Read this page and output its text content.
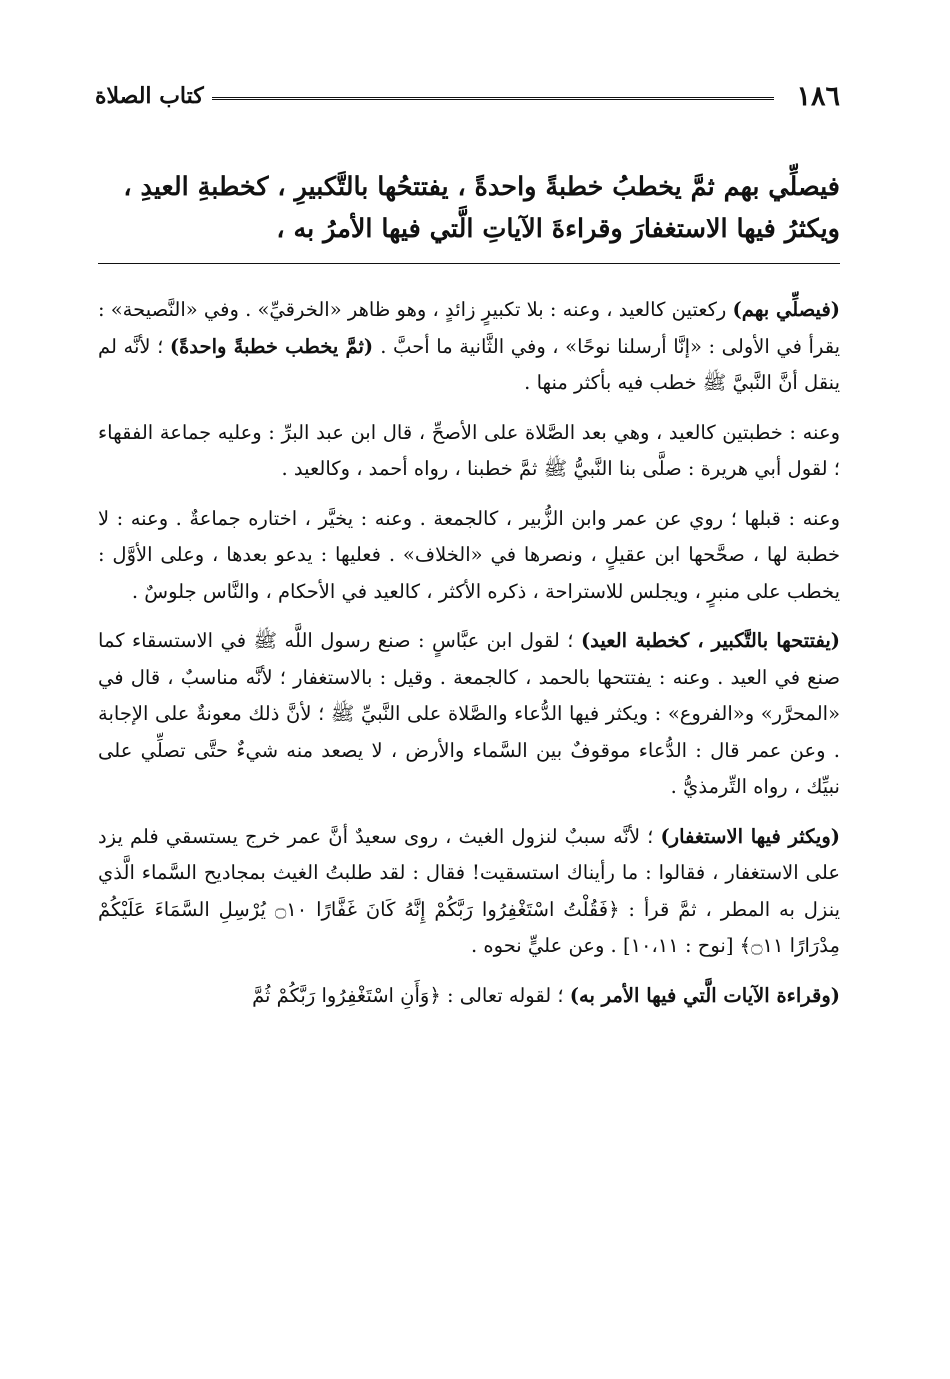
١٨٦
كتاب الصلاة

فيصلِّي بهم ثمَّ يخطبُ خطبةً واحدةً ، يفتتحُها بالتَّكبيرِ ، كخطبةِ العيدِ ،

ويكثرُ فيها الاستغفارَ وقراءةَ الآياتِ الَّتي فيها الأمرُ به ،

(فيصلِّي بهم) ركعتين كالعيد ، وعنه : بلا تكبيرٍ زائدٍ ، وهو ظاهر «الخرقيِّ» . وفي «النَّصيحة» : يقرأ في الأولى : «إنَّا أرسلنا نوحًا» ، وفي الثَّانية ما أحبَّ . (ثمَّ يخطب خطبةً واحدةً) ؛ لأنَّه لم ينقل أنَّ النَّبيَّ ﷺ خطب فيه بأكثر منها .

وعنه : خطبتين كالعيد ، وهي بعد الصَّلاة على الأصحِّ ، قال ابن عبد البرِّ : وعليه جماعة الفقهاء ؛ لقول أبي هريرة : صلَّى بنا النَّبيُّ ﷺ ثمَّ خطبنا ، رواه أحمد ، وكالعيد .

وعنه : قبلها ؛ روي عن عمر وابن الزُّبير ، كالجمعة . وعنه : يخيَّر ، اختاره جماعةٌ . وعنه : لا خطبة لها ، صحَّحها ابن عقيلٍ ، ونصرها في «الخلاف» . فعليها : يدعو بعدها ، وعلى الأوَّل : يخطب على منبرٍ ، ويجلس للاستراحة ، ذكره الأكثر ، كالعيد في الأحكام ، والنَّاس جلوسٌ .

(يفتتحها بالتَّكبير ، كخطبة العيد) ؛ لقول ابن عبَّاسٍ : صنع رسول اللَّه ﷺ في الاستسقاء كما صنع في العيد . وعنه : يفتتحها بالحمد ، كالجمعة . وقيل : بالاستغفار ؛ لأنَّه مناسبٌ ، قال في «المحرَّر» و«الفروع» : ويكثر فيها الدُّعاء والصَّلاة على النَّبيِّ ﷺ ؛ لأنَّ ذلك معونةٌ على الإجابة . وعن عمر قال : الدُّعاء موقوفٌ بين السَّماء والأرض ، لا يصعد منه شيءٌ حتَّى تصلِّي على نبيِّك ، رواه التِّرمذيُّ .

(ويكثر فيها الاستغفار) ؛ لأنَّه سببٌ لنزول الغيث ، روى سعيدٌ أنَّ عمر خرج يستسقي فلم يزد على الاستغفار ، فقالوا : ما رأيناك استسقيت! فقال : لقد طلبتُ الغيث بمجاديح السَّماء الَّذي ينزل به المطر ، ثمَّ قرأ : ﴿فَقُلْتُ اسْتَغْفِرُوا رَبَّكُمْ إِنَّهُ كَانَ غَفَّارًا ۝١٠ يُرْسِلِ السَّمَاءَ عَلَيْكُمْ مِدْرَارًا ۝١١﴾ [نوح : ١٠،١١] . وعن عليٍّ نحوه .

(وقراءة الآيات الَّتي فيها الأمر به) ؛ لقوله تعالى : ﴿وَأَنِ اسْتَغْفِرُوا رَبَّكُمْ ثُمَّ
